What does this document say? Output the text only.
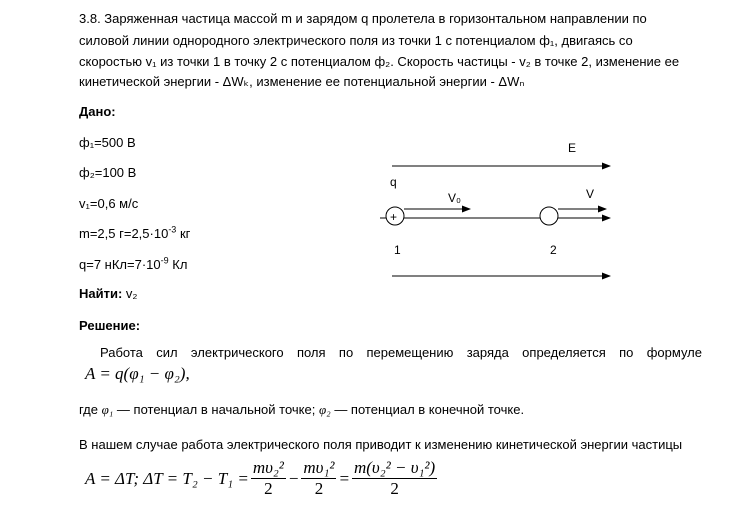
3.8. Заряженная частица массой m и зарядом q пролетела в горизонтальном направлении по
силовой линии однородного электрического поля из точки 1 с потенциалом ф₁, двигаясь со
скоростью v₁ из точки 1 в точку 2 с потенциалом ф₂. Скорость частицы - v₂ в точке 2, изменение ее
кинетической энергии - ΔWₖ, изменение ее потенциальной энергии - ΔWₙ
Дано:
ф₁=500 В
ф₂=100 В
v₁=0,6 м/с
m=2,5 $г=2,5\cdot 10^{-3}$ кг
q=7 $нКл=7\cdot 10^{-9}$ Кл
Найти: v₂
E
q
V₀	V
+
1	2
Решение:
Работа сил электрического поля по перемещению заряда определяется по формуле
A = q(φ₁ − φ₂),
где φ₁ — потенциал в начальной точке; φ₂ — потенциал в конечной точке.
В нашем случае работа электрического поля приводит к изменению кинетической энергии частицы
A = ΔT; $\Delta T = T_2 - T_1 = \frac{\text{mυ₂²}}{2} - \frac{\text{mυ₁²}}{2} = \frac{\text{m(υ₂² − υ₁²)}}{2}$
